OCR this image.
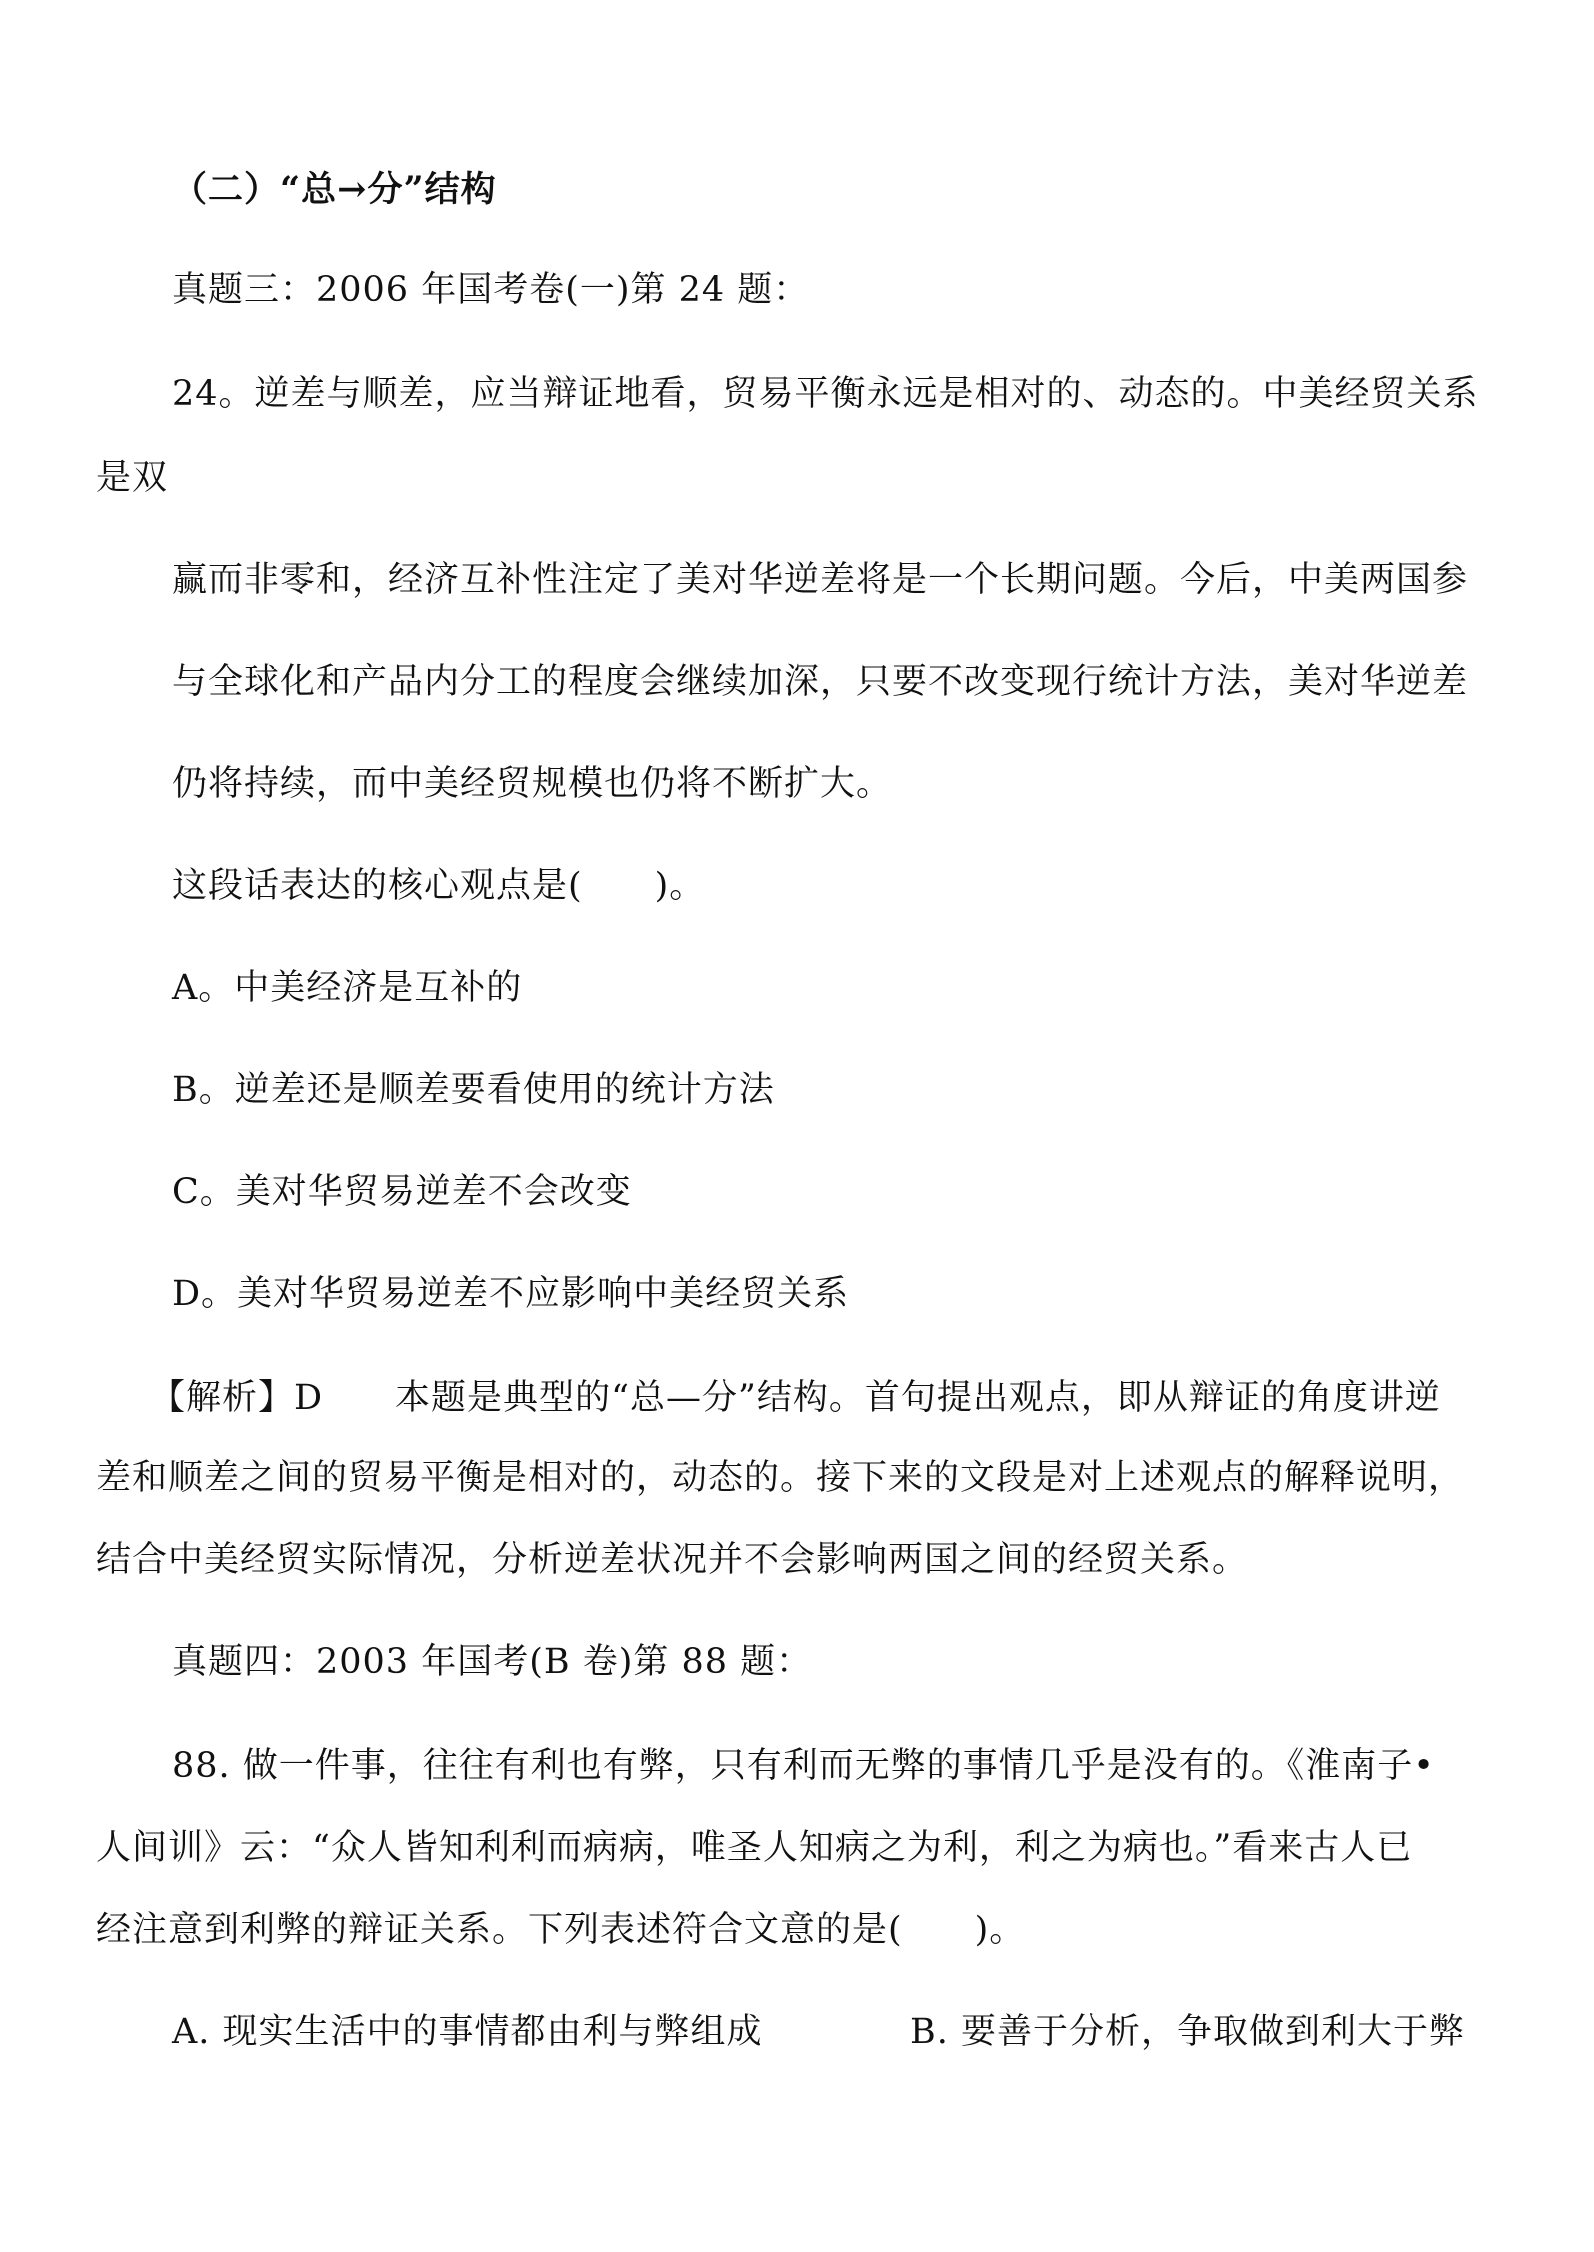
（二）“总→分”结构
真题三：2006 年国考卷(一)第 24 题：
24。逆差与顺差，应当辩证地看，贸易平衡永远是相对的、动态的。中美经贸关系
是双
赢而非零和，经济互补性注定了美对华逆差将是一个长期问题。今后，中美两国参
与全球化和产品内分工的程度会继续加深，只要不改变现行统计方法，美对华逆差
仍将持续，而中美经贸规模也仍将不断扩大。
这段话表达的核心观点是(　　)。
A。中美经济是互补的
B。逆差还是顺差要看使用的统计方法
C。美对华贸易逆差不会改变
D。美对华贸易逆差不应影响中美经贸关系
【解析】D　　本题是典型的“总—分”结构。首句提出观点，即从辩证的角度讲逆
差和顺差之间的贸易平衡是相对的，动态的。接下来的文段是对上述观点的解释说明，
结合中美经贸实际情况，分析逆差状况并不会影响两国之间的经贸关系。
真题四：2003 年国考(B 卷)第 88 题：
88. 做一件事，往往有利也有弊，只有利而无弊的事情几乎是没有的。《淮南子•
人间训》云：“众人皆知利利而病病，唯圣人知病之为利，利之为病也。”看来古人已
经注意到利弊的辩证关系。下列表述符合文意的是(　　)。
A. 现实生活中的事情都由利与弊组成	B. 要善于分析，争取做到利大于弊
